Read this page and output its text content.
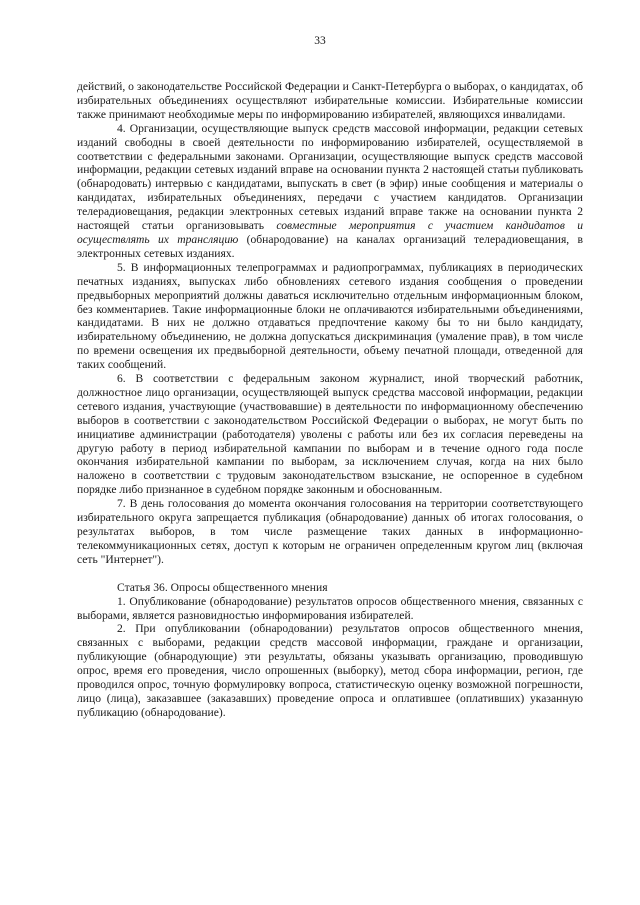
33

действий, о законодательстве Российской Федерации и Санкт-Петербурга о выборах, о кандидатах, об избирательных объединениях осуществляют избирательные комиссии. Избирательные комиссии также принимают необходимые меры по информированию избирателей, являющихся инвалидами.

4. Организации, осуществляющие выпуск средств массовой информации, редакции сетевых изданий свободны в своей деятельности по информированию избирателей, осуществляемой в соответствии с федеральными законами. Организации, осуществляющие выпуск средств массовой информации, редакции сетевых изданий вправе на основании пункта 2 настоящей статьи публиковать (обнародовать) интервью с кандидатами, выпускать в свет (в эфир) иные сообщения и материалы о кандидатах, избирательных объединениях, передачи с участием кандидатов. Организации телерадиовещания, редакции электронных сетевых изданий вправе также на основании пункта 2 настоящей статьи организовывать совместные мероприятия с участием кандидатов и осуществлять их трансляцию (обнародование) на каналах организаций телерадиовещания, в электронных сетевых изданиях.

5. В информационных телепрограммах и радиопрограммах, публикациях в периодических печатных изданиях, выпусках либо обновлениях сетевого издания сообщения о проведении предвыборных мероприятий должны даваться исключительно отдельным информационным блоком, без комментариев. Такие информационные блоки не оплачиваются избирательными объединениями, кандидатами. В них не должно отдаваться предпочтение какому бы то ни было кандидату, избирательному объединению, не должна допускаться дискриминация (умаление прав), в том числе по времени освещения их предвыборной деятельности, объему печатной площади, отведенной для таких сообщений.

6. В соответствии с федеральным законом журналист, иной творческий работник, должностное лицо организации, осуществляющей выпуск средства массовой информации, редакции сетевого издания, участвующие (участвовавшие) в деятельности по информационному обеспечению выборов в соответствии с законодательством Российской Федерации о выборах, не могут быть по инициативе администрации (работодателя) уволены с работы или без их согласия переведены на другую работу в период избирательной кампании по выборам и в течение одного года после окончания избирательной кампании по выборам, за исключением случая, когда на них было наложено в соответствии с трудовым законодательством взыскание, не оспоренное в судебном порядке либо признанное в судебном порядке законным и обоснованным.

7. В день голосования до момента окончания голосования на территории соответствующего избирательного округа запрещается публикация (обнародование) данных об итогах голосования, о результатах выборов, в том числе размещение таких данных в информационно-телекоммуникационных сетях, доступ к которым не ограничен определенным кругом лиц (включая сеть "Интернет").

Статья 36. Опросы общественного мнения

1. Опубликование (обнародование) результатов опросов общественного мнения, связанных с выборами, является разновидностью информирования избирателей.

2. При опубликовании (обнародовании) результатов опросов общественного мнения, связанных с выборами, редакции средств массовой информации, граждане и организации, публикующие (обнародующие) эти результаты, обязаны указывать организацию, проводившую опрос, время его проведения, число опрошенных (выборку), метод сбора информации, регион, где проводился опрос, точную формулировку вопроса, статистическую оценку возможной погрешности, лицо (лица), заказавшее (заказавших) проведение опроса и оплатившее (оплативших) указанную публикацию (обнародование).
